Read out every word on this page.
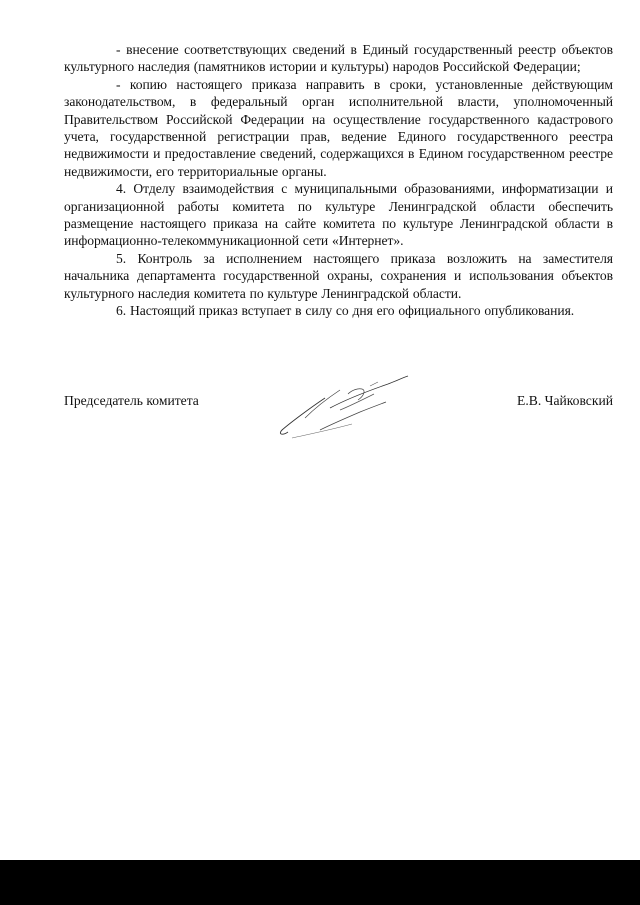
- внесение соответствующих сведений в Единый государственный реестр объектов культурного наследия (памятников истории и культуры) народов Российской Федерации;

- копию настоящего приказа направить в сроки, установленные действующим законодательством, в федеральный орган исполнительной власти, уполномоченный Правительством Российской Федерации на осуществление государственного кадастрового учета, государственной регистрации прав, ведение Единого государственного реестра недвижимости и предоставление сведений, содержащихся в Едином государственном реестре недвижимости, его территориальные органы.

4. Отделу взаимодействия с муниципальными образованиями, информатизации и организационной работы комитета по культуре Ленинградской области обеспечить размещение настоящего приказа на сайте комитета по культуре Ленинградской области в информационно-телекоммуникационной сети «Интернет».

5. Контроль за исполнением настоящего приказа возложить на заместителя начальника департамента государственной охраны, сохранения и использования объектов культурного наследия комитета по культуре Ленинградской области.

6. Настоящий приказ вступает в силу со дня его официального опубликования.

Председатель комитета	Е.В. Чайковский
